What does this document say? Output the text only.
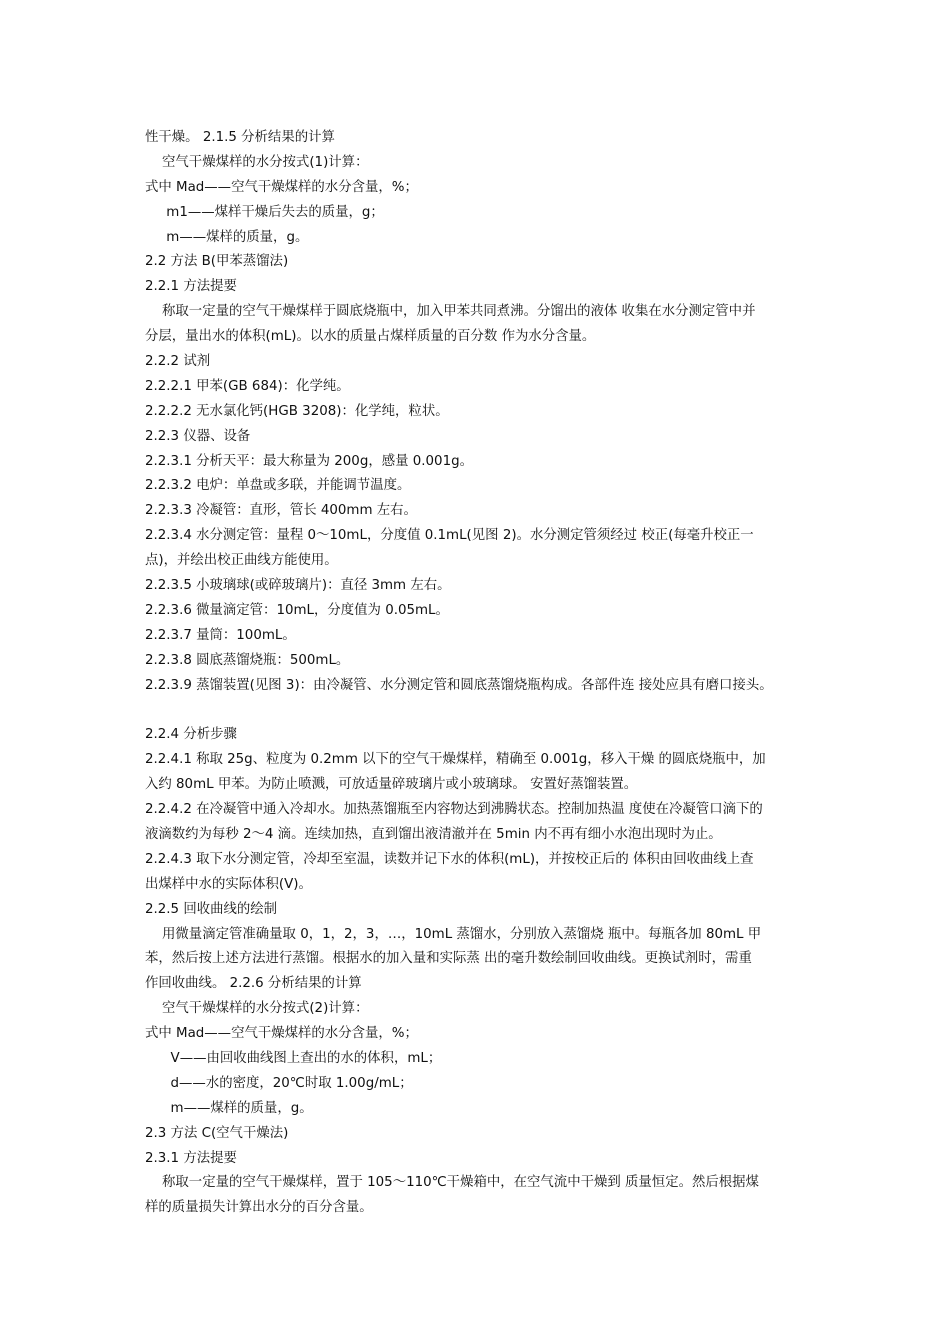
性干燥。 2.1.5 分析结果的计算
空气干燥煤样的水分按式(1)计算：
式中 Mad——空气干燥煤样的水分含量，%；
m1——煤样干燥后失去的质量，g；
m——煤样的质量，g。
2.2 方法 B(甲苯蒸馏法)
2.2.1 方法提要
称取一定量的空气干燥煤样于圆底烧瓶中，加入甲苯共同煮沸。分馏出的液体 收集在水分测定管中并
分层，量出水的体积(mL)。以水的质量占煤样质量的百分数 作为水分含量。
2.2.2 试剂
2.2.2.1 甲苯(GB 684)：化学纯。
2.2.2.2 无水氯化钙(HGB 3208)：化学纯，粒状。
2.2.3 仪器、设备
2.2.3.1 分析天平：最大称量为 200g，感量 0.001g。
2.2.3.2 电炉：单盘或多联，并能调节温度。
2.2.3.3 冷凝管：直形，管长 400mm 左右。
2.2.3.4 水分测定管：量程 0～10mL，分度值 0.1mL(见图 2)。水分测定管须经过 校正(每毫升校正一
点)，并绘出校正曲线方能使用。
2.2.3.5 小玻璃球(或碎玻璃片)：直径 3mm 左右。
2.2.3.6 微量滴定管：10mL，分度值为 0.05mL。
2.2.3.7 量筒：100mL。
2.2.3.8 圆底蒸馏烧瓶：500mL。
2.2.3.9 蒸馏装置(见图 3)：由冷凝管、水分测定管和圆底蒸馏烧瓶构成。各部件连 接处应具有磨口接头。
2.2.4 分析步骤
2.2.4.1 称取 25g、粒度为 0.2mm 以下的空气干燥煤样，精确至 0.001g，移入干燥 的圆底烧瓶中，加
入约 80mL 甲苯。为防止喷溅，可放适量碎玻璃片或小玻璃球。 安置好蒸馏装置。
2.2.4.2 在冷凝管中通入冷却水。加热蒸馏瓶至内容物达到沸腾状态。控制加热温 度使在冷凝管口滴下的
液滴数约为每秒 2～4 滴。连续加热，直到馏出液清澈并在 5min 内不再有细小水泡出现时为止。
2.2.4.3 取下水分测定管，冷却至室温，读数并记下水的体积(mL)，并按校正后的 体积由回收曲线上查
出煤样中水的实际体积(V)。
2.2.5 回收曲线的绘制
用微量滴定管准确量取 0，1，2，3，…，10mL 蒸馏水，分别放入蒸馏烧 瓶中。每瓶各加 80mL 甲
苯，然后按上述方法进行蒸馏。根据水的加入量和实际蒸 出的毫升数绘制回收曲线。更换试剂时，需重
作回收曲线。 2.2.6 分析结果的计算
空气干燥煤样的水分按式(2)计算：
式中 Mad——空气干燥煤样的水分含量，%；
V——由回收曲线图上查出的水的体积，mL；
d——水的密度，20℃时取 1.00g/mL；
m——煤样的质量，g。
2.3 方法 C(空气干燥法)
2.3.1 方法提要
称取一定量的空气干燥煤样，置于 105～110℃干燥箱中，在空气流中干燥到 质量恒定。然后根据煤
样的质量损失计算出水分的百分含量。
